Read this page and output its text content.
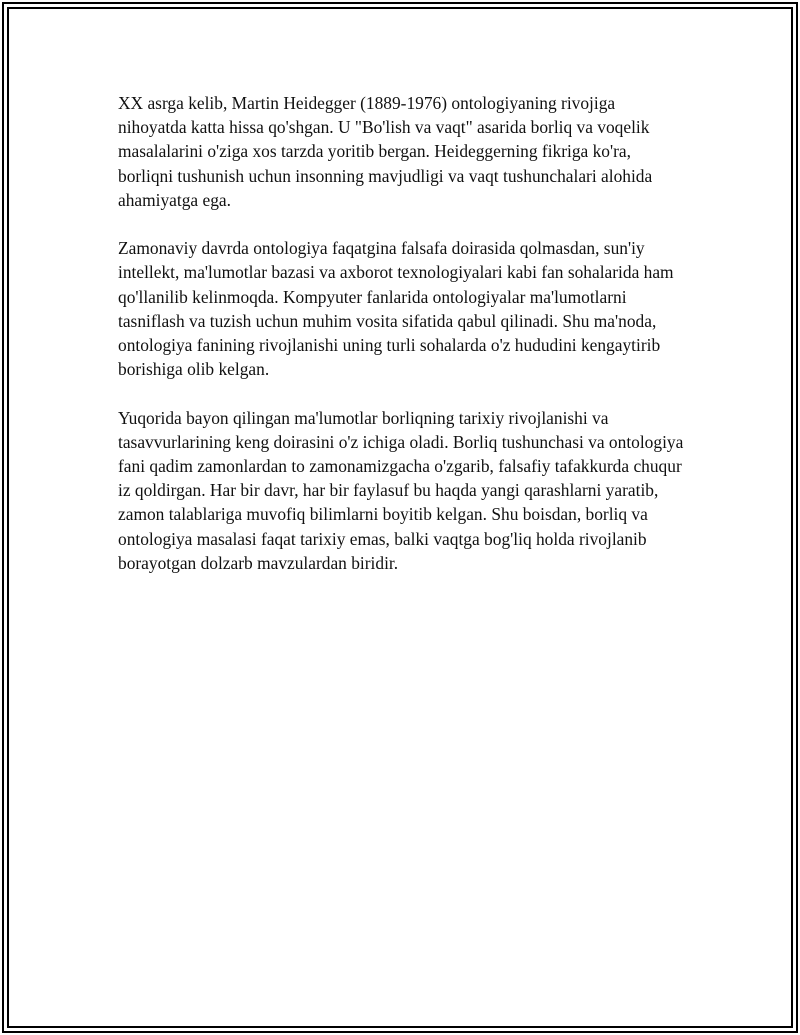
XX asrga kelib, Martin Heidegger (1889-1976) ontologiyaning rivojiga nihoyatda katta hissa qo'shgan. U "Bo'lish va vaqt" asarida borliq va voqelik masalalarini o'ziga xos tarzda yoritib bergan. Heideggerning fikriga ko'ra, borliqni tushunish uchun insonning mavjudligi va vaqt tushunchalari alohida ahamiyatga ega.

Zamonaviy davrda ontologiya faqatgina falsafa doirasida qolmasdan, sun'iy intellekt, ma'lumotlar bazasi va axborot texnologiyalari kabi fan sohalarida ham qo'llanilib kelinmoqda. Kompyuter fanlarida ontologiyalar ma'lumotlarni tasniflash va tuzish uchun muhim vosita sifatida qabul qilinadi. Shu ma'noda, ontologiya fanining rivojlanishi uning turli sohalarda o'z hududini kengaytirib borishiga olib kelgan.

Yuqorida bayon qilingan ma'lumotlar borliqning tarixiy rivojlanishi va tasavvurlarining keng doirasini o'z ichiga oladi. Borliq tushunchasi va ontologiya fani qadim zamonlardan to zamonamizgacha o'zgarib, falsafiy tafakkurda chuqur iz qoldirgan. Har bir davr, har bir faylasuf bu haqda yangi qarashlarni yaratib, zamon talablariga muvofiq bilimlarni boyitib kelgan. Shu boisdan, borliq va ontologiya masalasi faqat tarixiy emas, balki vaqtga bog'liq holda rivojlanib borayotgan dolzarb mavzulardan biridir.
